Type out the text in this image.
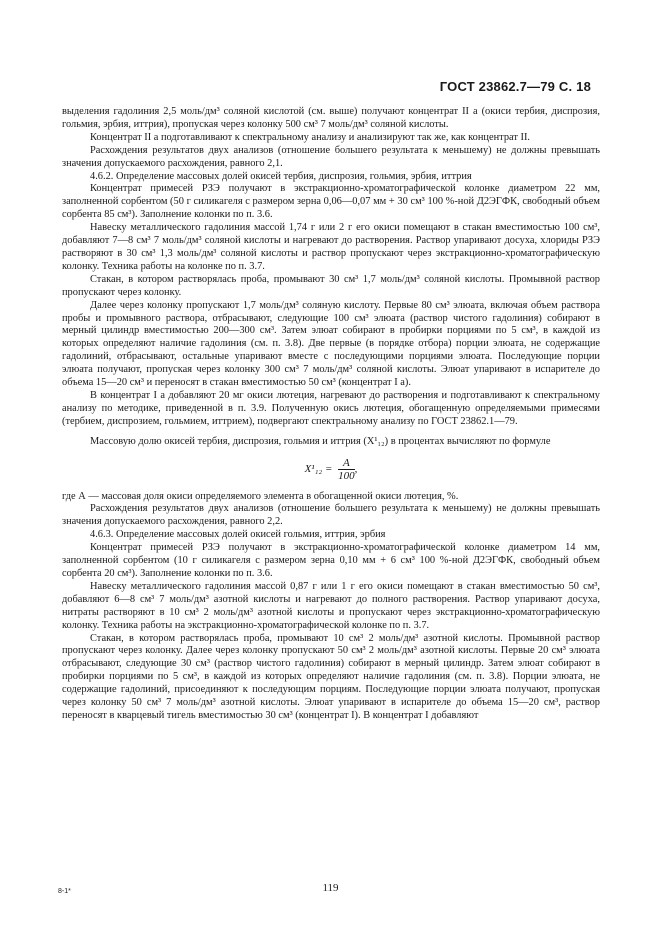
ГОСТ 23862.7—79 С. 18

выделения гадолиния 2,5 моль/дм³ соляной кислотой (см. выше) получают концентрат II а (окиси тербия, диспрозия, гольмия, эрбия, иттрия), пропуская через колонку 500 см³ 7 моль/дм³ соляной кислоты.

Концентрат II а подготавливают к спектральному анализу и анализируют так же, как концентрат II.

Расхождения результатов двух анализов (отношение большего результата к меньшему) не должны превышать значения допускаемого расхождения, равного 2,1.

4.6.2. Определение массовых долей окисей тербия, диспрозия, гольмия, эрбия, иттрия

Концентрат примесей РЗЭ получают в экстракционно-хроматографической колонке диаметром 22 мм, заполненной сорбентом (50 г силикагеля с размером зерна 0,06—0,07 мм + 30 см³ 100 %-ной Д2ЭГФК, свободный объем сорбента 85 см³). Заполнение колонки по п. 3.6.

Навеску металлического гадолиния массой 1,74 г или 2 г его окиси помещают в стакан вместимостью 100 см³, добавляют 7—8 см³ 7 моль/дм³ соляной кислоты и нагревают до растворения. Раствор упаривают досуха, хлориды РЗЭ растворяют в 30 см³ 1,3 моль/дм³ соляной кислоты и раствор пропускают через экстракционно-хроматографическую колонку. Техника работы на колонке по п. 3.7.

Стакан, в котором растворялась проба, промывают 30 см³ 1,7 моль/дм³ соляной кислоты. Промывной раствор пропускают через колонку.

Далее через колонку пропускают 1,7 моль/дм³ соляную кислоту. Первые 80 см³ элюата, включая объем раствора пробы и промывного раствора, отбрасывают, следующие 100 см³ элюата (раствор чистого гадолиния) собирают в мерный цилиндр вместимостью 200—300 см³. Затем элюат собирают в пробирки порциями по 5 см³, в каждой из которых определяют наличие гадолиния (см. п. 3.8). Две первые (в порядке отбора) порции элюата, не содержащие гадолиний, отбрасывают, остальные упаривают вместе с последующими порциями элюата. Последующие порции элюата получают, пропуская через колонку 300 см³ 7 моль/дм³ соляной кислоты. Элюат упаривают в испарителе до объема 15—20 см³ и переносят в стакан вместимостью 50 см³ (концентрат I а).

В концентрат I а добавляют 20 мг окиси лютеция, нагревают до растворения и подготавливают к спектральному анализу по методике, приведенной в п. 3.9. Полученную окись лютеция, обогащенную определяемыми примесями (тербием, диспрозием, гольмием, иттрием), подвергают спектральному анализу по ГОСТ 23862.1—79.

Массовую долю окисей тербия, диспрозия, гольмия и иттрия (X¹₁₂) в процентах вычисляют по формуле

$X^1_{12} = \frac{A}{100}$ ,

где А — массовая доля окиси определяемого элемента в обогащенной окиси лютеция, %.

Расхождения результатов двух анализов (отношение большего результата к меньшему) не должны превышать значения допускаемого расхождения, равного 2,2.

4.6.3. Определение массовых долей окисей гольмия, иттрия, эрбия

Концентрат примесей РЗЭ получают в экстракционно-хроматографической колонке диаметром 14 мм, заполненной сорбентом (10 г силикагеля с размером зерна 0,10 мм + 6 см³ 100 %-ной Д2ЭГФК, свободный объем сорбента 20 см³). Заполнение колонки по п. 3.6.

Навеску металлического гадолиния массой 0,87 г или 1 г его окиси помещают в стакан вместимостью 50 см³, добавляют 6—8 см³ 7 моль/дм³ азотной кислоты и нагревают до полного растворения. Раствор упаривают досуха, нитраты растворяют в 10 см³ 2 моль/дм³ азотной кислоты и пропускают через экстракционно-хроматографическую колонку. Техника работы на экстракционно-хроматографической колонке по п. 3.7.

Стакан, в котором растворялась проба, промывают 10 см³ 2 моль/дм³ азотной кислоты. Промывной раствор пропускают через колонку. Далее через колонку пропускают 50 см³ 2 моль/дм³ азотной кислоты. Первые 20 см³ элюата отбрасывают, следующие 30 см³ (раствор чистого гадолиния) собирают в мерный цилиндр. Затем элюат собирают в пробирки порциями по 5 см³, в каждой из которых определяют наличие гадолиния (см. п. 3.8). Порции элюата, не содержащие гадолиний, присоединяют к последующим порциям. Последующие порции элюата получают, пропуская через колонку 50 см³ 7 моль/дм³ азотной кислоты. Элюат упаривают в испарителе до объема 15—20 см³, раствор переносят в кварцевый тигель вместимостью 30 см³ (концентрат I). В концентрат I добавляют

8-1*	119
